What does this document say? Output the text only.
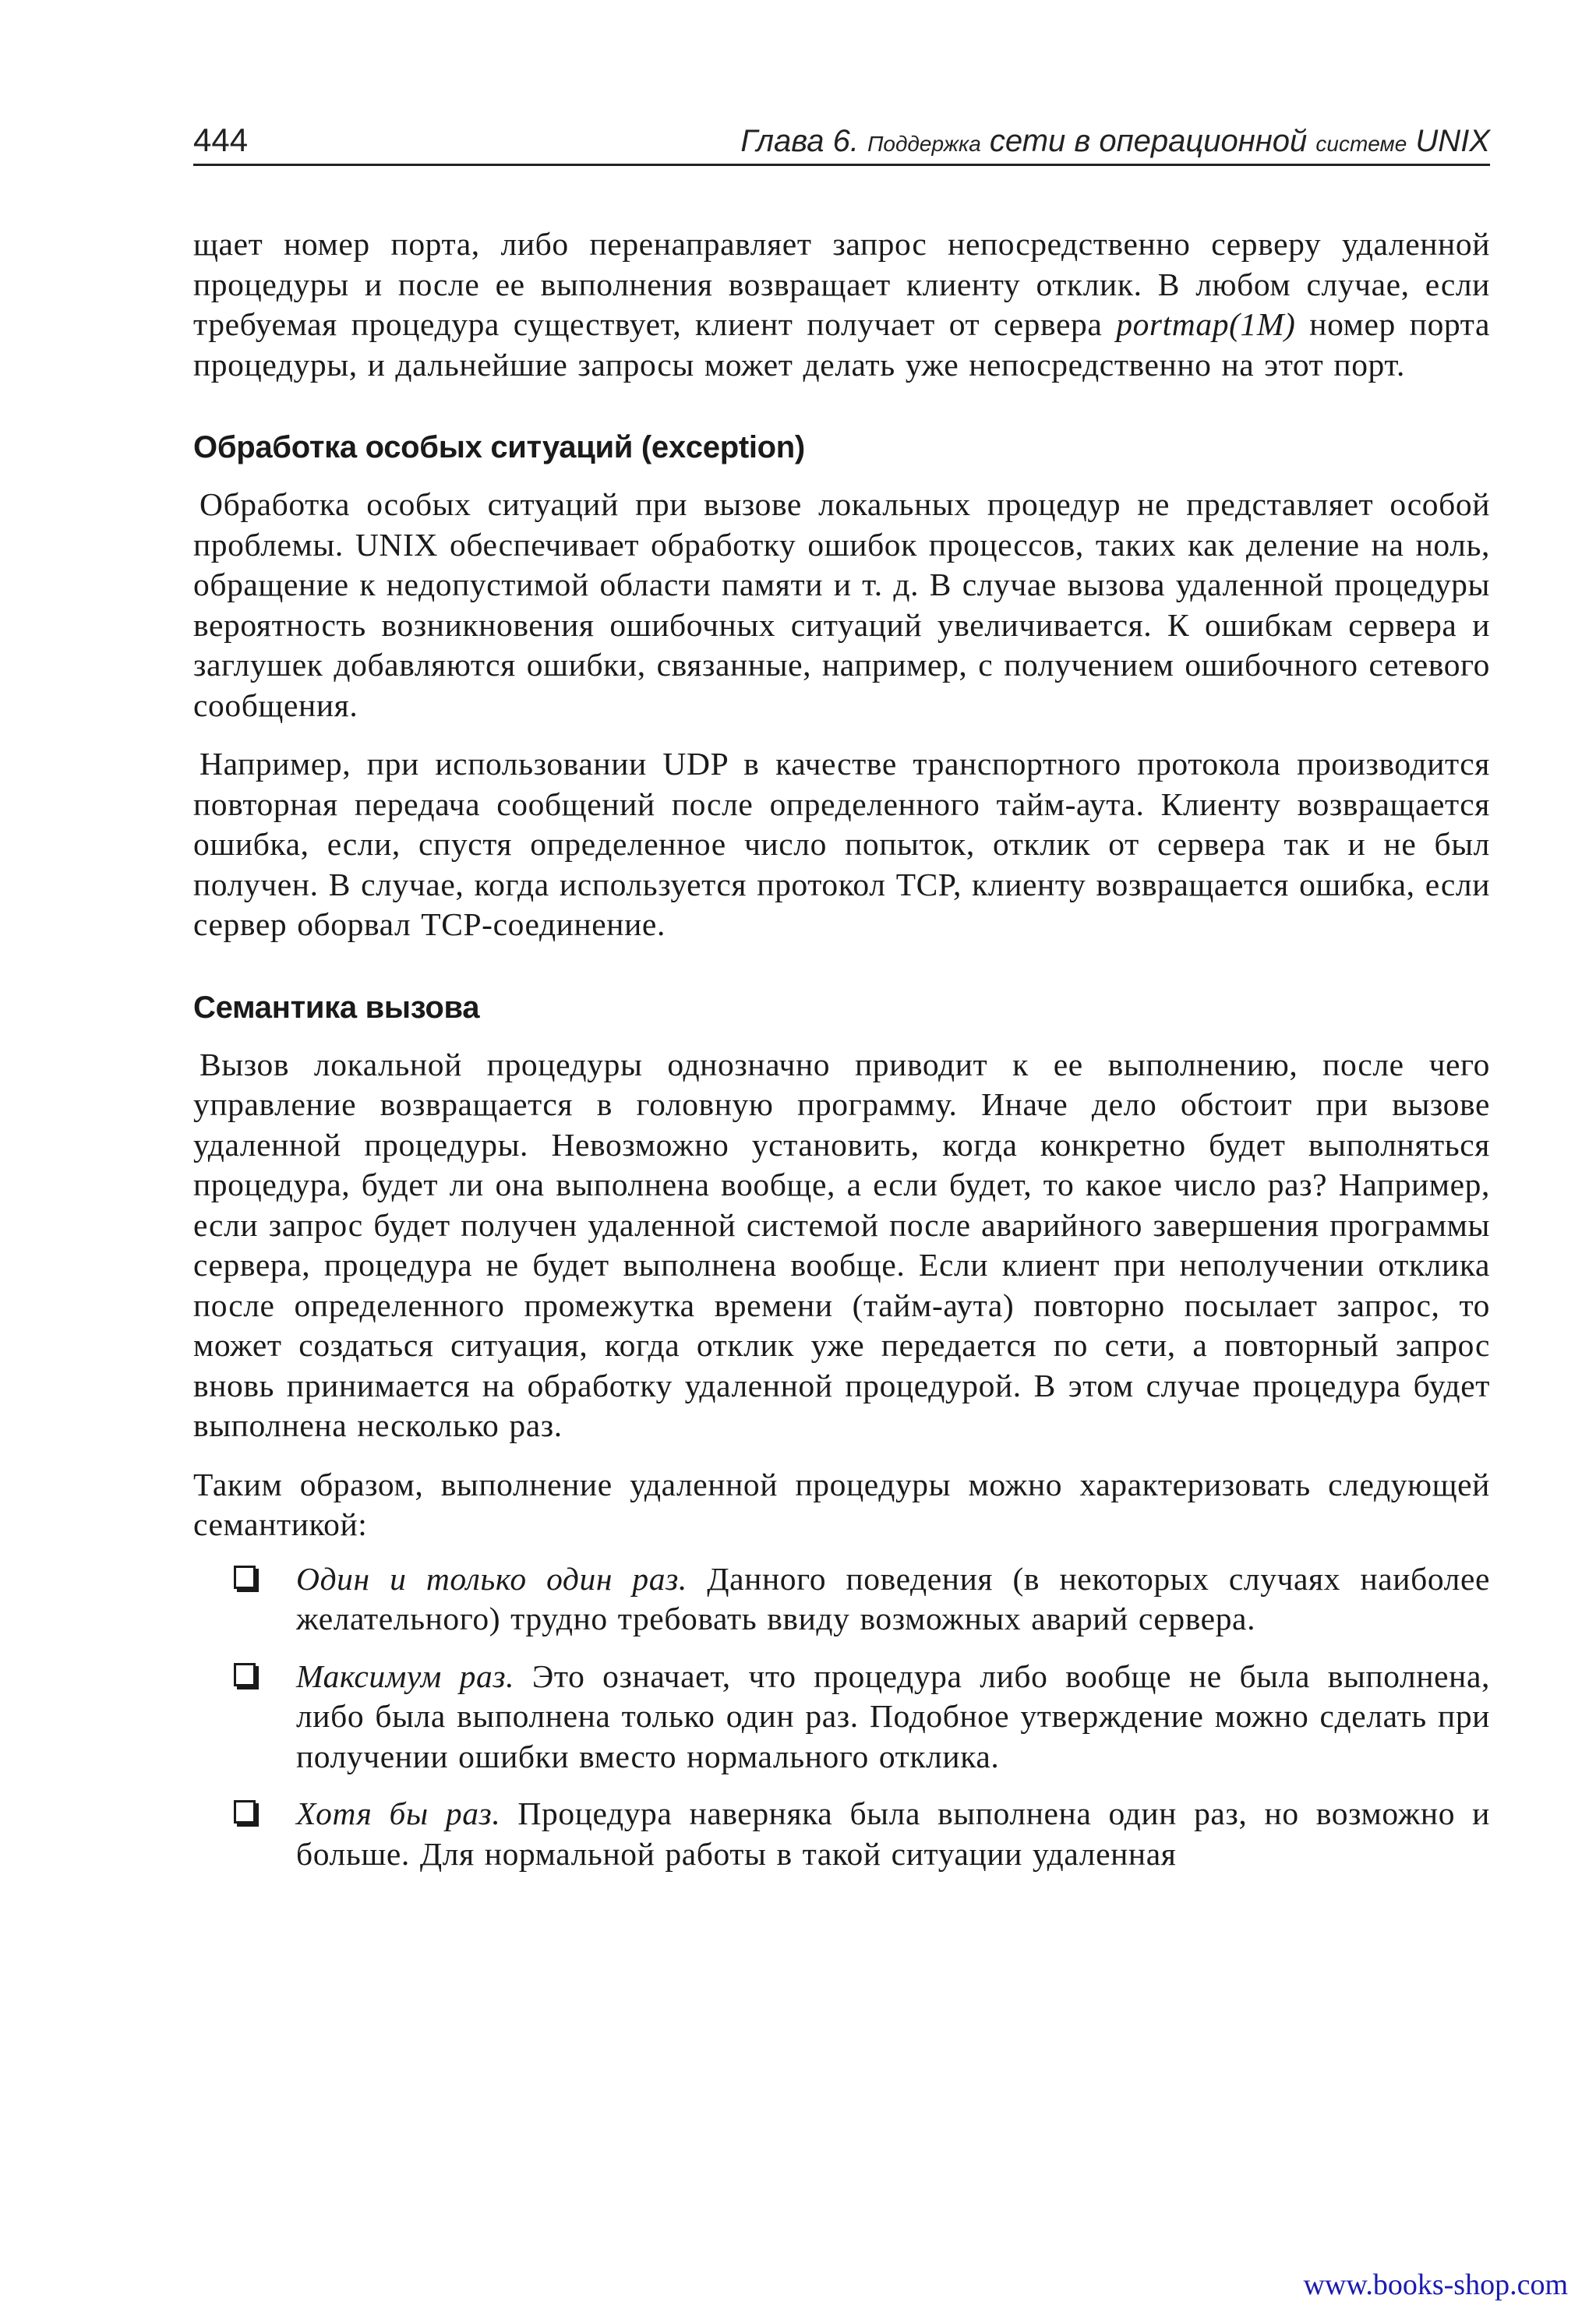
444	Глава 6. Поддержка сети в операционной системе UNIX

щает номер порта, либо перенаправляет запрос непосредственно серверу удаленной процедуры и после ее выполнения возвращает клиенту отклик. В любом случае, если требуемая процедура существует, клиент получает от сервера portmap(1M) номер порта процедуры, и дальнейшие запросы может делать уже непосредственно на этот порт.

Обработка особых ситуаций (exception)

Обработка особых ситуаций при вызове локальных процедур не представляет особой проблемы. UNIX обеспечивает обработку ошибок процессов, таких как деление на ноль, обращение к недопустимой области памяти и т. д. В случае вызова удаленной процедуры вероятность возникновения ошибочных ситуаций увеличивается. К ошибкам сервера и заглушек добавляются ошибки, связанные, например, с получением ошибочного сетевого сообщения.

Например, при использовании UDP в качестве транспортного протокола производится повторная передача сообщений после определенного тайм-аута. Клиенту возвращается ошибка, если, спустя определенное число попыток, отклик от сервера так и не был получен. В случае, когда используется протокол TCP, клиенту возвращается ошибка, если сервер оборвал TCP-соединение.

Семантика вызова

Вызов локальной процедуры однозначно приводит к ее выполнению, после чего управление возвращается в головную программу. Иначе дело обстоит при вызове удаленной процедуры. Невозможно установить, когда конкретно будет выполняться процедура, будет ли она выполнена вообще, а если будет, то какое число раз? Например, если запрос будет получен удаленной системой после аварийного завершения программы сервера, процедура не будет выполнена вообще. Если клиент при неполучении отклика после определенного промежутка времени (тайм-аута) повторно посылает запрос, то может создаться ситуация, когда отклик уже передается по сети, а повторный запрос вновь принимается на обработку удаленной процедурой. В этом случае процедура будет выполнена несколько раз.

Таким образом, выполнение удаленной процедуры можно характеризовать следующей семантикой:

Один и только один раз. Данного поведения (в некоторых случаях наиболее желательного) трудно требовать ввиду возможных аварий сервера.
Максимум раз. Это означает, что процедура либо вообще не была выполнена, либо была выполнена только один раз. Подобное утверждение можно сделать при получении ошибки вместо нормального отклика.
Хотя бы раз. Процедура наверняка была выполнена один раз, но возможно и больше. Для нормальной работы в такой ситуации удаленная
www.books-shop.com
